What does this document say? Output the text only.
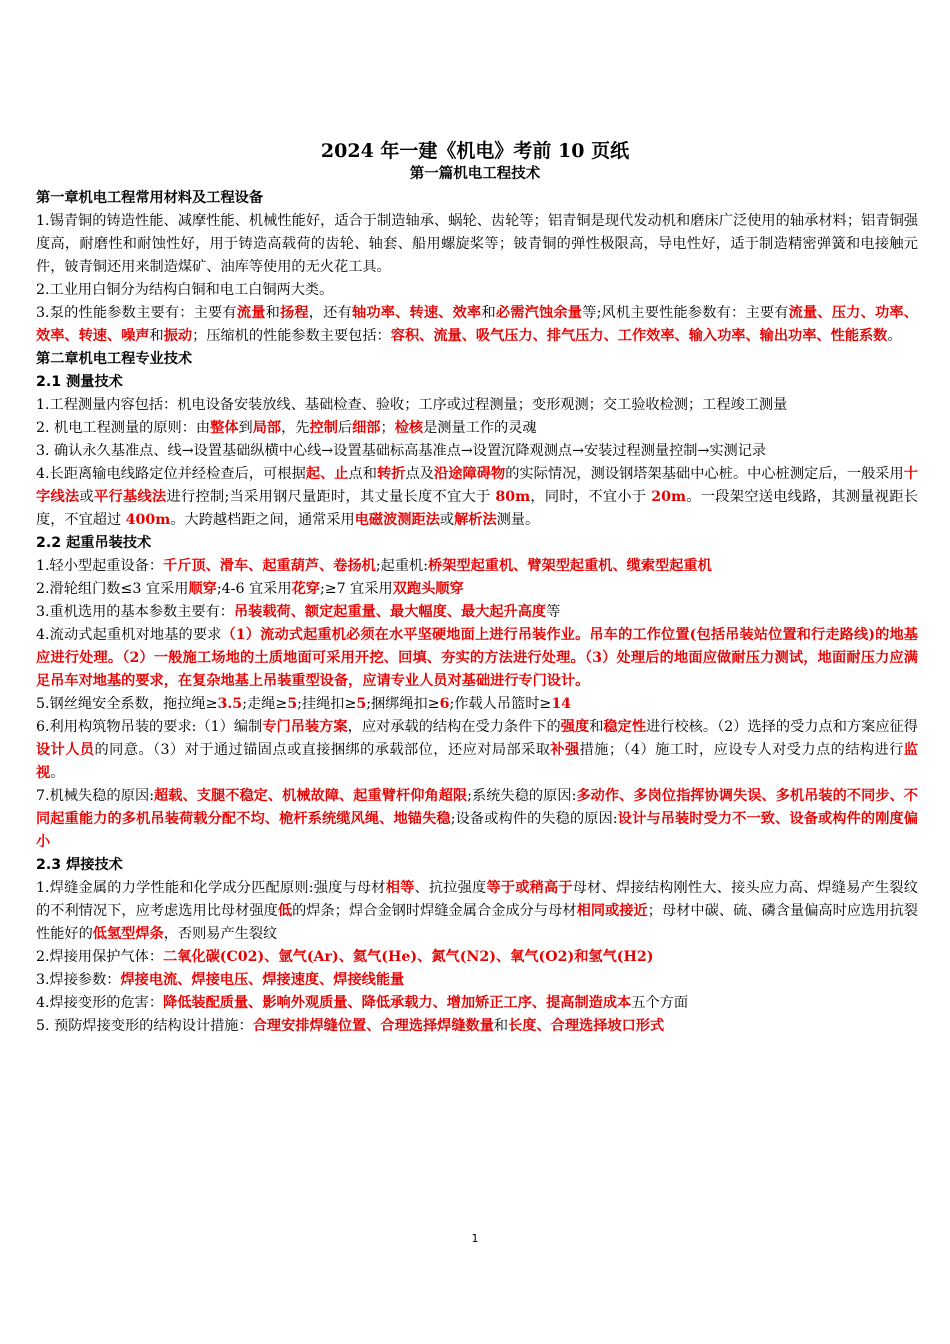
2024 年一建《机电》考前 10 页纸
第一篇机电工程技术
第一章机电工程常用材料及工程设备
1.锡青铜的铸造性能、减摩性能、机械性能好，适合于制造轴承、蜗轮、齿轮等；铝青铜是现代发动机和磨床广泛使用的轴承材料；铝青铜强度高，耐磨性和耐蚀性好，用于铸造高载荷的齿轮、轴套、船用螺旋桨等；铍青铜的弹性极限高，导电性好，适于制造精密弹簧和电接触元件，铍青铜还用来制造煤矿、油库等使用的无火花工具。
2.工业用白铜分为结构白铜和电工白铜两大类。
3.泵的性能参数主要有：主要有流量和扬程，还有轴功率、转速、效率和必需汽蚀余量等;风机主要性能参数有：主要有流量、压力、功率、效率、转速、噪声和振动；压缩机的性能参数主要包括：容积、流量、吸气压力、排气压力、工作效率、输入功率、输出功率、性能系数。
第二章机电工程专业技术
2.1 测量技术
1.工程测量内容包括：机电设备安装放线、基础检查、验收；工序或过程测量；变形观测；交工验收检测；工程竣工测量
2. 机电工程测量的原则：由整体到局部，先控制后细部；检核是测量工作的灵魂
3. 确认永久基准点、线→设置基础纵横中心线→设置基础标高基准点→设置沉降观测点→安装过程测量控制→实测记录
4.长距离输电线路定位并经检查后，可根据起、止点和转折点及沿途障碍物的实际情况，测设钢塔架基础中心桩。中心桩测定后，一般采用十字线法或平行基线法进行控制;当采用钢尺量距时，其丈量长度不宜大于 80m，同时，不宜小于 20m。一段架空送电线路，其测量视距长度，不宜超过 400m。大跨越档距之间，通常采用电磁波测距法或解析法测量。
2.2 起重吊装技术
1.轻小型起重设备：千斤顶、滑车、起重葫芦、卷扬机;起重机:桥架型起重机、臂架型起重机、缆索型起重机
2.滑轮组门数≤3 宜采用顺穿;4-6 宜采用花穿;≥7 宜采用双跑头顺穿
3.重机选用的基本参数主要有：吊装载荷、额定起重量、最大幅度、最大起升高度等
4.流动式起重机对地基的要求（1）流动式起重机必须在水平坚硬地面上进行吊装作业。吊车的工作位置(包括吊装站位置和行走路线)的地基应进行处理。（2）一般施工场地的土质地面可采用开挖、回填、夯实的方法进行处理。（3）处理后的地面应做耐压力测试，地面耐压力应满足吊车对地基的要求，在复杂地基上吊装重型设备，应请专业人员对基础进行专门设计。
5.钢丝绳安全系数，拖拉绳≥3.5;走绳≥5;挂绳扣≥5;捆绑绳扣≥6;作载人吊篮时≥14
6.利用构筑物吊装的要求:（1）编制专门吊装方案，应对承载的结构在受力条件下的强度和稳定性进行校核。（2）选择的受力点和方案应征得设计人员的同意。（3）对于通过锚固点或直接捆绑的承载部位，还应对局部采取补强措施；（4）施工时，应设专人对受力点的结构进行监视。
7.机械失稳的原因:超载、支腿不稳定、机械故障、起重臂杆仰角超限;系统失稳的原因:多动作、多岗位指挥协调失误、多机吊装的不同步、不同起重能力的多机吊装荷载分配不均、桅杆系统缆风绳、地锚失稳;设备或构件的失稳的原因:设计与吊装时受力不一致、设备或构件的刚度偏小
2.3 焊接技术
1.焊缝金属的力学性能和化学成分匹配原则:强度与母材相等、抗拉强度等于或稍高于母材、焊接结构刚性大、接头应力高、焊缝易产生裂纹的不利情况下，应考虑选用比母材强度低的焊条；焊合金钢时焊缝金属合金成分与母材相同或接近；母材中碳、硫、磷含量偏高时应选用抗裂性能好的低氢型焊条，否则易产生裂纹
2.焊接用保护气体：二氧化碳(C02)、氩气(Ar)、氦气(He)、氮气(N2)、氧气(O2)和氢气(H2)
3.焊接参数：焊接电流、焊接电压、焊接速度、焊接线能量
4.焊接变形的危害：降低装配质量、影响外观质量、降低承载力、增加矫正工序、提高制造成本五个方面
5. 预防焊接变形的结构设计措施：合理安排焊缝位置、合理选择焊缝数量和长度、合理选择坡口形式
1
